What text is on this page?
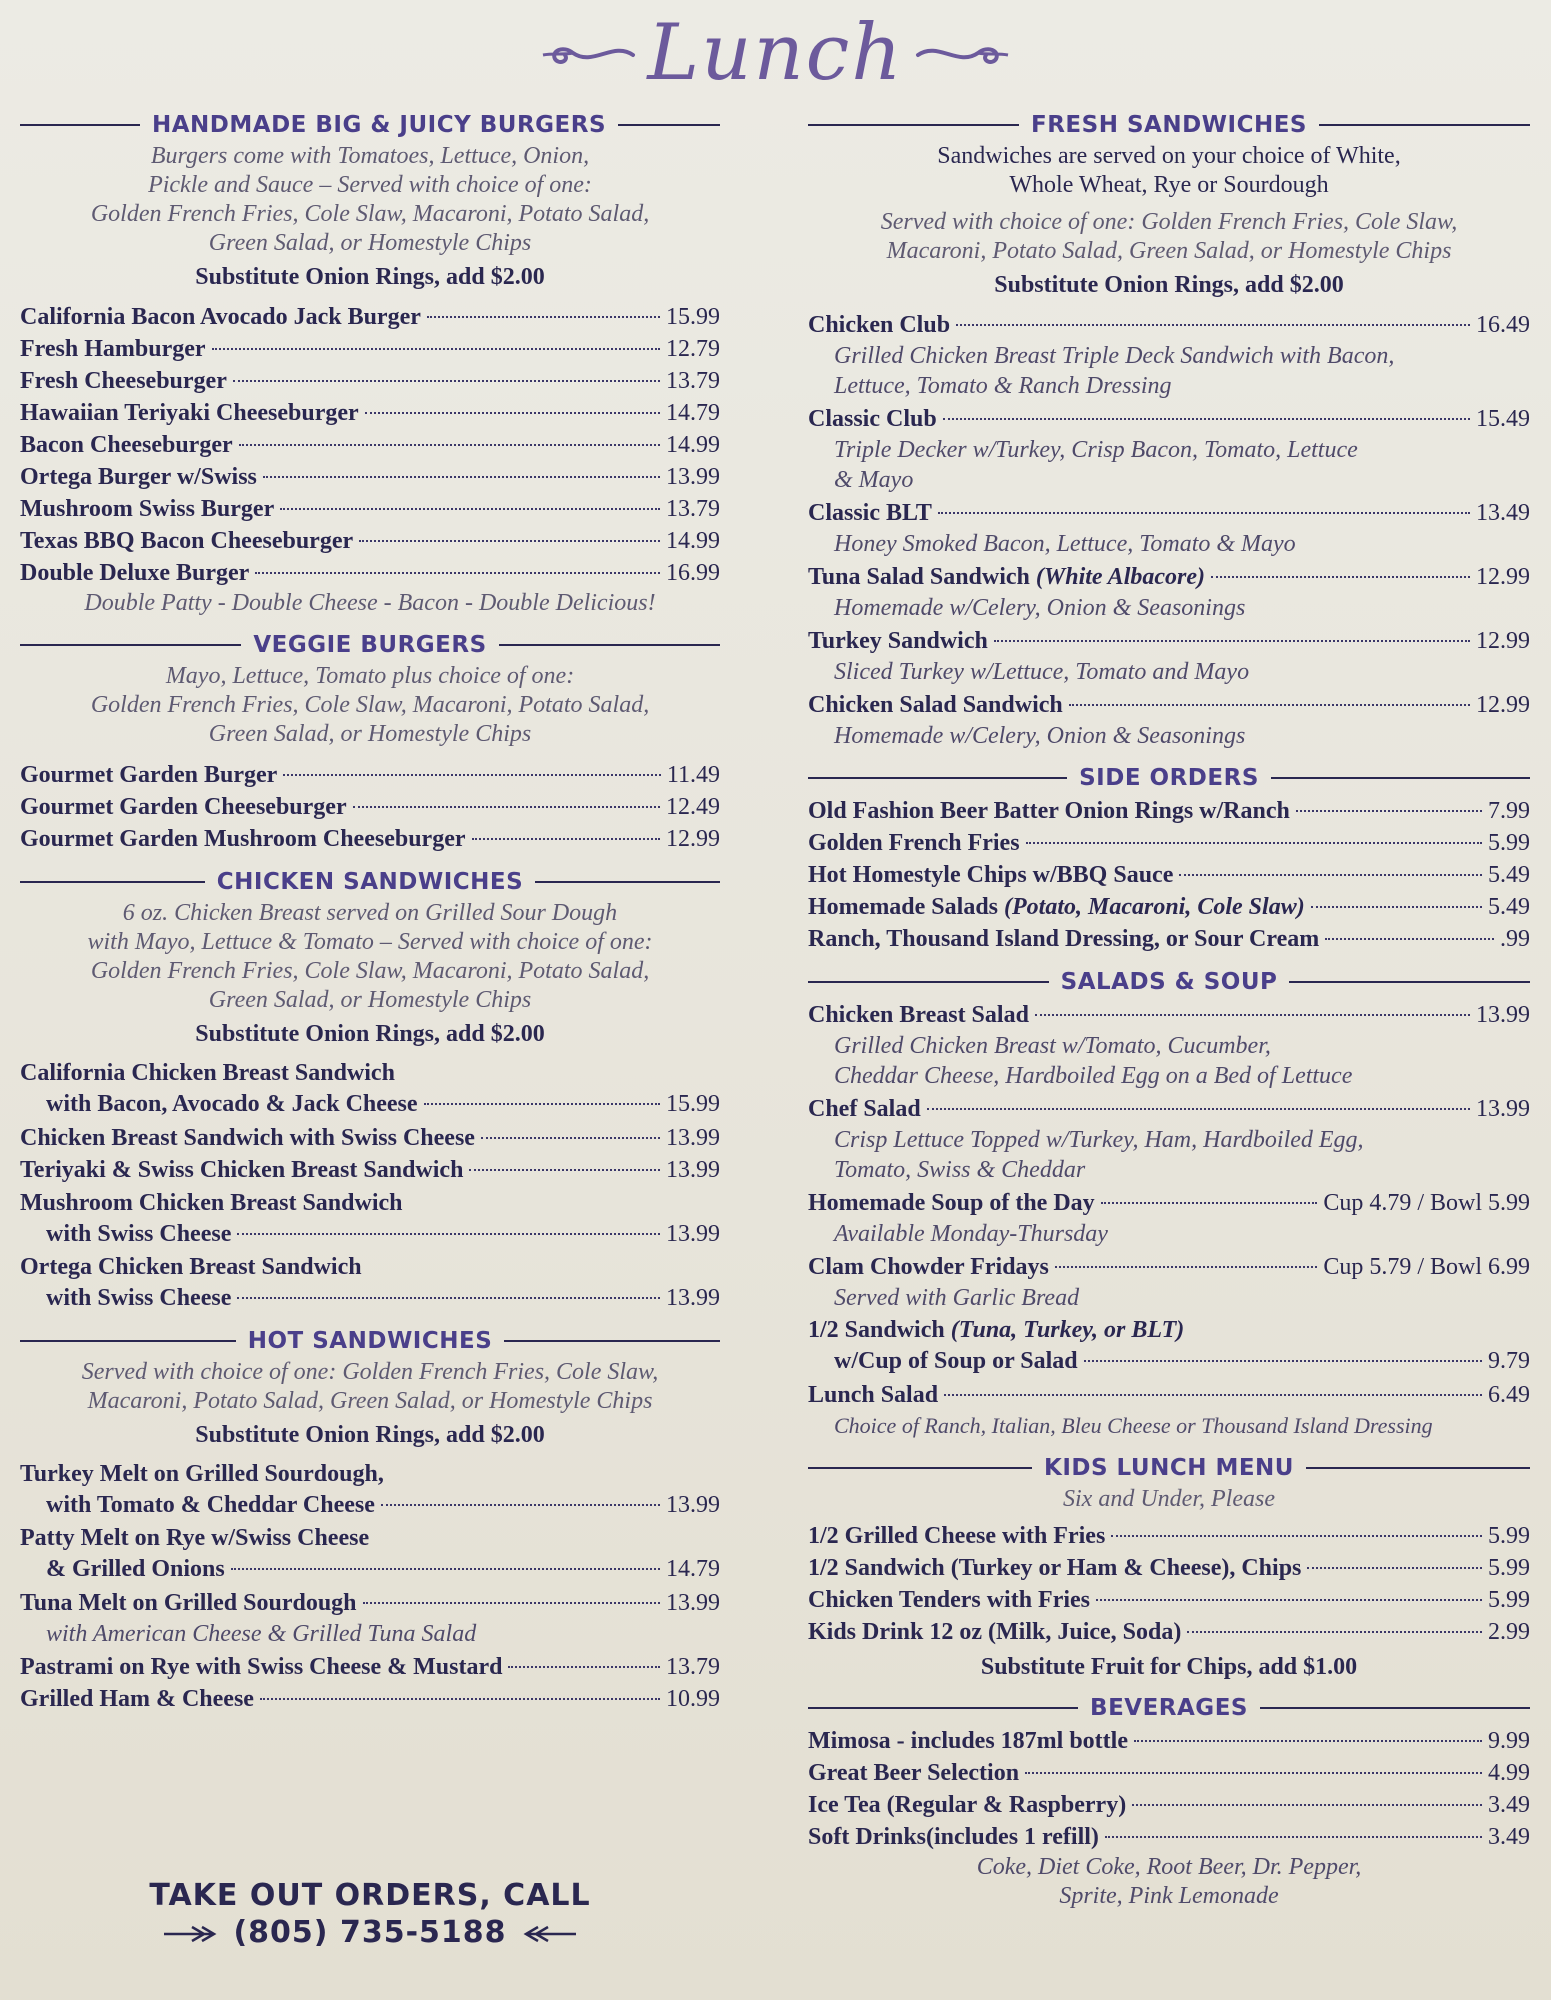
Lunch
HANDMADE BIG & JUICY BURGERS
Burgers come with Tomatoes, Lettuce, Onion,
Pickle and Sauce – Served with choice of one:
Golden French Fries, Cole Slaw, Macaroni, Potato Salad,
Green Salad, or Homestyle Chips
Substitute Onion Rings, add $2.00
California Bacon Avocado Jack Burger	15.99
Fresh Hamburger	12.79
Fresh Cheeseburger	13.79
Hawaiian Teriyaki Cheeseburger	14.79
Bacon Cheeseburger	14.99
Ortega Burger w/Swiss	13.99
Mushroom Swiss Burger	13.79
Texas BBQ Bacon Cheeseburger	14.99
Double Deluxe Burger	16.99
Double Patty - Double Cheese - Bacon - Double Delicious!
VEGGIE BURGERS
Mayo, Lettuce, Tomato plus choice of one:
Golden French Fries, Cole Slaw, Macaroni, Potato Salad,
Green Salad, or Homestyle Chips
Gourmet Garden Burger	11.49
Gourmet Garden Cheeseburger	12.49
Gourmet Garden Mushroom Cheeseburger	12.99
CHICKEN SANDWICHES
6 oz. Chicken Breast served on Grilled Sour Dough
with Mayo, Lettuce & Tomato – Served with choice of one:
Golden French Fries, Cole Slaw, Macaroni, Potato Salad,
Green Salad, or Homestyle Chips
Substitute Onion Rings, add $2.00
California Chicken Breast Sandwich
with Bacon, Avocado & Jack Cheese	15.99
Chicken Breast Sandwich with Swiss Cheese	13.99
Teriyaki & Swiss Chicken Breast Sandwich	13.99
Mushroom Chicken Breast Sandwich
with Swiss Cheese	13.99
Ortega Chicken Breast Sandwich
with Swiss Cheese	13.99
HOT SANDWICHES
Served with choice of one: Golden French Fries, Cole Slaw,
Macaroni, Potato Salad, Green Salad, or Homestyle Chips
Substitute Onion Rings, add $2.00
Turkey Melt on Grilled Sourdough,
with Tomato & Cheddar Cheese	13.99
Patty Melt on Rye w/Swiss Cheese
& Grilled Onions	14.79
Tuna Melt on Grilled Sourdough	13.99
with American Cheese & Grilled Tuna Salad
Pastrami on Rye with Swiss Cheese & Mustard	13.79
Grilled Ham & Cheese	10.99
TAKE OUT ORDERS, CALL
(805) 735-5188
FRESH SANDWICHES
Sandwiches are served on your choice of White,
Whole Wheat, Rye or Sourdough
Served with choice of one: Golden French Fries, Cole Slaw,
Macaroni, Potato Salad, Green Salad, or Homestyle Chips
Substitute Onion Rings, add $2.00
Chicken Club	16.49
Grilled Chicken Breast Triple Deck Sandwich with Bacon,
Lettuce, Tomato & Ranch Dressing
Classic Club	15.49
Triple Decker w/Turkey, Crisp Bacon, Tomato, Lettuce
& Mayo
Classic BLT	13.49
Honey Smoked Bacon, Lettuce, Tomato & Mayo
Tuna Salad Sandwich (White Albacore)	12.99
Homemade w/Celery, Onion & Seasonings
Turkey Sandwich	12.99
Sliced Turkey w/Lettuce, Tomato and Mayo
Chicken Salad Sandwich	12.99
Homemade w/Celery, Onion & Seasonings
SIDE ORDERS
Old Fashion Beer Batter Onion Rings w/Ranch	7.99
Golden French Fries	5.99
Hot Homestyle Chips w/BBQ Sauce	5.49
Homemade Salads (Potato, Macaroni, Cole Slaw)	5.49
Ranch, Thousand Island Dressing, or Sour Cream	.99
SALADS & SOUP
Chicken Breast Salad	13.99
Grilled Chicken Breast w/Tomato, Cucumber,
Cheddar Cheese, Hardboiled Egg on a Bed of Lettuce
Chef Salad	13.99
Crisp Lettuce Topped w/Turkey, Ham, Hardboiled Egg,
Tomato, Swiss & Cheddar
Homemade Soup of the Day	Cup 4.79 / Bowl 5.99
Available Monday-Thursday
Clam Chowder Fridays	Cup 5.79 / Bowl 6.99
Served with Garlic Bread
1/2 Sandwich (Tuna, Turkey, or BLT)
w/Cup of Soup or Salad	9.79
Lunch Salad	6.49
Choice of Ranch, Italian, Bleu Cheese or Thousand Island Dressing
KIDS LUNCH MENU
Six and Under, Please
1/2 Grilled Cheese with Fries	5.99
1/2 Sandwich (Turkey or Ham & Cheese), Chips	5.99
Chicken Tenders with Fries	5.99
Kids Drink 12 oz (Milk, Juice, Soda)	2.99
Substitute Fruit for Chips, add $1.00
BEVERAGES
Mimosa - includes 187ml bottle	9.99
Great Beer Selection	4.99
Ice Tea (Regular & Raspberry)	3.49
Soft Drinks(includes 1 refill)	3.49
Coke, Diet Coke, Root Beer, Dr. Pepper,
Sprite, Pink Lemonade
